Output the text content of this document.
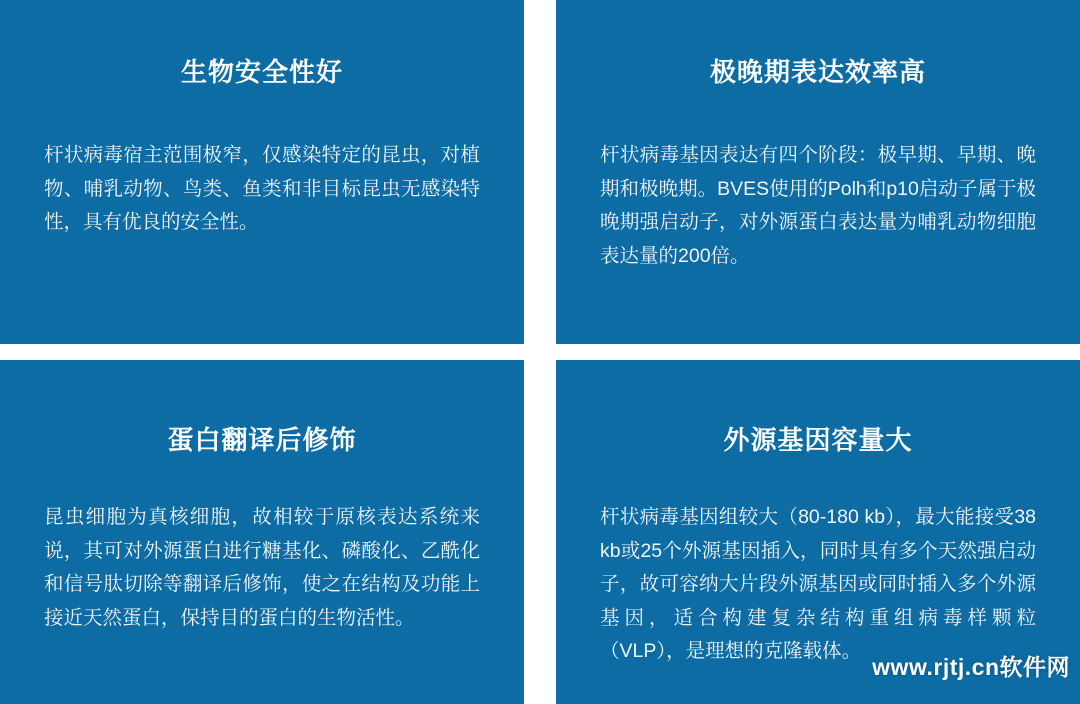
生物安全性好
杆状病毒宿主范围极窄，仅感染特定的昆虫，对植物、哺乳动物、鸟类、鱼类和非目标昆虫无感染特性，具有优良的安全性。
极晚期表达效率高
杆状病毒基因表达有四个阶段：极早期、早期、晚期和极晚期。BVES使用的Polh和p10启动子属于极晚期强启动子，对外源蛋白表达量为哺乳动物细胞表达量的200倍。
蛋白翻译后修饰
昆虫细胞为真核细胞，故相较于原核表达系统来说，其可对外源蛋白进行糖基化、磷酸化、乙酰化和信号肽切除等翻译后修饰，使之在结构及功能上接近天然蛋白，保持目的蛋白的生物活性。
外源基因容量大
杆状病毒基因组较大（80-180 kb），最大能接受38 kb或25个外源基因插入，同时具有多个天然强启动子，故可容纳大片段外源基因或同时插入多个外源基因，适合构建复杂结构重组病毒样颗粒（VLP），是理想的克隆载体。
www.rjtj.cn软件网
